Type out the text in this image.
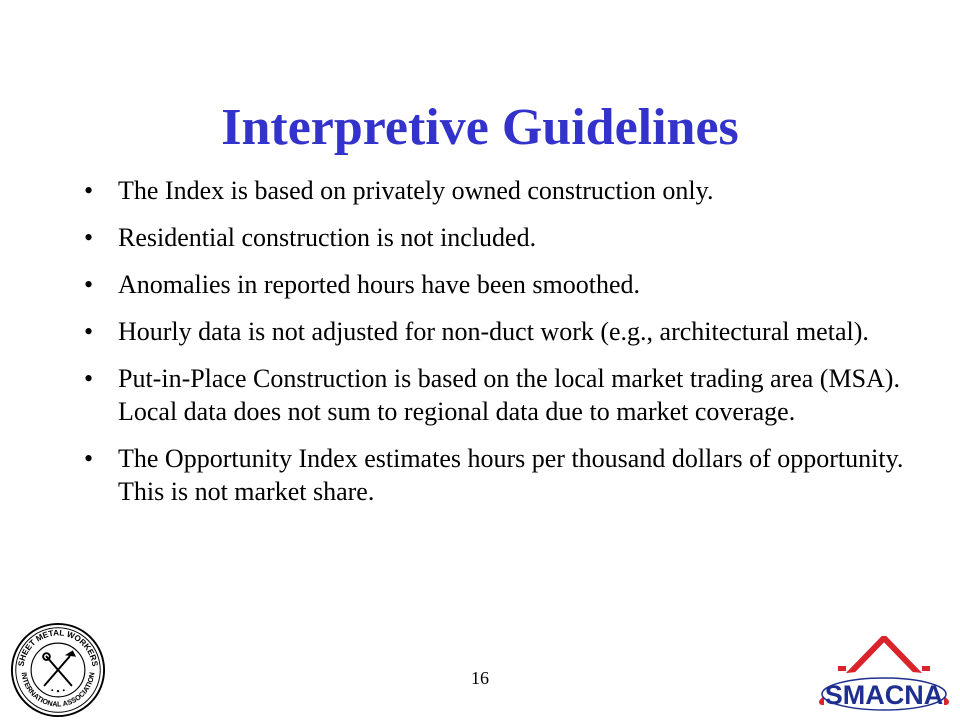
Interpretive Guidelines
• The Index is based on privately owned construction only.
• Residential construction is not included.
• Anomalies in reported hours have been smoothed.
• Hourly data is not adjusted for non-duct work (e.g., architectural metal).
• Put-in-Place Construction is based on the local market trading area (MSA). Local data does not sum to regional data due to market coverage.
• The Opportunity Index estimates hours per thousand dollars of opportunity. This is not market share.
SHEET METAL WORKERS
INTERNATIONAL ASSOCIATION
SMACNA
16
